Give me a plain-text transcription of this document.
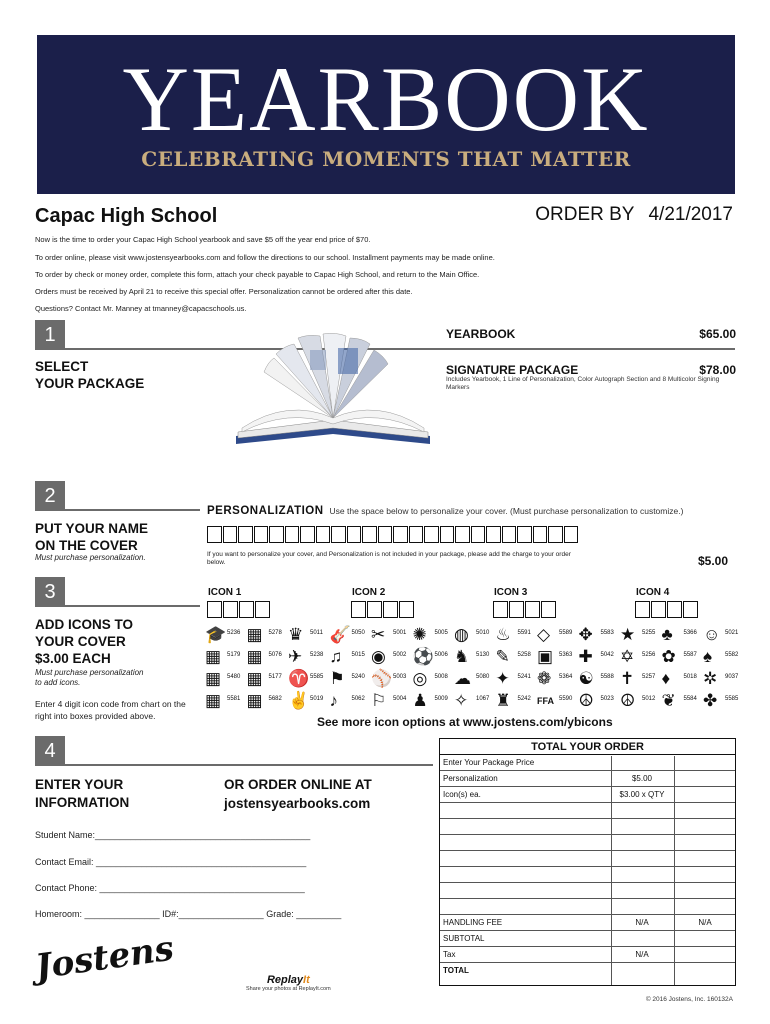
YEARBOOK
CELEBRATING MOMENTS THAT MATTER
Capac High School	ORDER BY 4/21/2017
Now is the time to order your Capac High School yearbook and save $5 off the year end price of $70.
To order online, please visit www.jostensyearbooks.com and follow the directions to our school. Installment payments may be made online.
To order by check or money order, complete this form, attach your check payable to Capac High School, and return to the Main Office.
Orders must be received by April 21 to receive this special offer. Personalization cannot be ordered after this date.
Questions? Contact Mr. Manney at tmanney@capacschools.us.
1
SELECT
YOUR PACKAGE
YEARBOOK	$65.00
SIGNATURE PACKAGE	$78.00
Includes Yearbook, 1 Line of Personalization, Color Autograph Section and 8 Multicolor Signing Markers
2
PUT YOUR NAME
ON THE COVER
Must purchase personalization.
PERSONALIZATION Use the space below to personalize your cover. (Must purchase personalization to customize.)
If you want to personalize your cover, and Personalization is not included in your package, please add the charge to your order below.	$5.00
3
ADD ICONS TO
YOUR COVER
$3.00 EACH
Must purchase personalization
to add icons.
Enter 4 digit icon code from chart on the
right into boxes provided above.
ICON 1	ICON 2	ICON 3	ICON 4
🎓 5236 ▦ 5278 ♛ 5011 🎸 5050 ✂ 5001 ✺ 5005 ◍ 5010 ♨ 5591 ◇ 5589 ✥ 5583 ★ 5255 ♣ 5366 ☺ 5021
▦ 5179 ▦ 5076 ✈ 5238 ♫ 5015 ◉ 5002 ⚽ 5006 ♞ 5130 ✎ 5258 ▣ 5363 ✚ 5042 ✡ 5256 ✿ 5587 ♠ 5582
▦ 5480 ▦ 5177 ♈ 5585 ⚑ 5240 ⚾ 5003 ◎ 5008 ☁ 5080 ✦ 5241 ❁ 5364 ☯ 5588 ✝ 5257 ♦ 5018 ✲ 9037
▦ 5581 ▦ 5682 ✌ 5019 ♪ 5062 ⚐ 5004 ♟ 5009 ✧ 1067 ♜ 5242 FFA 5590 ☮ 5023 ☮ 5012 ❦ 5584 ✤ 5585
See more icon options at www.jostens.com/ybicons
4
ENTER YOUR
INFORMATION
OR ORDER ONLINE AT
jostensyearbooks.com
Student Name:___________________________________________
Contact Email: __________________________________________
Contact Phone: _________________________________________
Homeroom: _______________ ID#:_________________ Grade: _________
TOTAL YOUR ORDER
Enter Your Package Price
Personalization	$5.00
Icon(s) ea.	$3.00 x QTY
HANDLING FEE	N/A	N/A
SUBTOTAL
Tax	N/A
TOTAL
Jostens	ReplayIt
Share your photos at ReplayIt.com
© 2016 Jostens, Inc. 160132A
